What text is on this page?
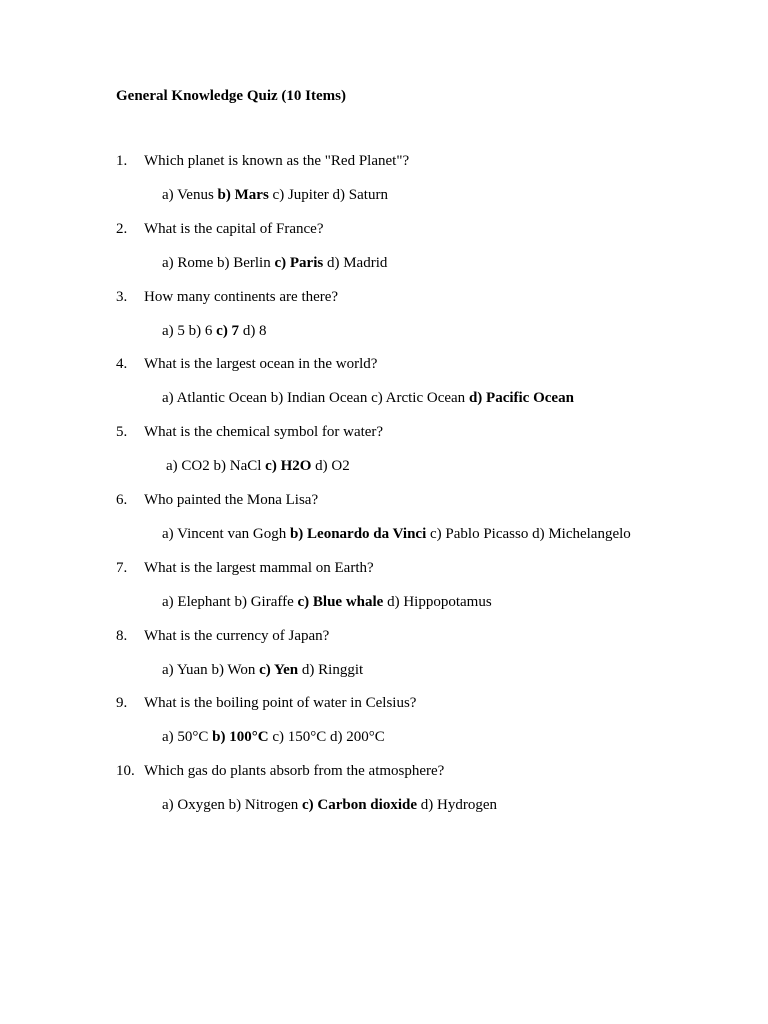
General Knowledge Quiz (10 Items)
1. Which planet is known as the "Red Planet"?
a) Venus b) Mars c) Jupiter d) Saturn
2. What is the capital of France?
a) Rome b) Berlin c) Paris d) Madrid
3. How many continents are there?
a) 5 b) 6 c) 7 d) 8
4. What is the largest ocean in the world?
a) Atlantic Ocean b) Indian Ocean c) Arctic Ocean d) Pacific Ocean
5. What is the chemical symbol for water?
a) CO2 b) NaCl c) H2O d) O2
6. Who painted the Mona Lisa?
a) Vincent van Gogh b) Leonardo da Vinci c) Pablo Picasso d) Michelangelo
7. What is the largest mammal on Earth?
a) Elephant b) Giraffe c) Blue whale d) Hippopotamus
8. What is the currency of Japan?
a) Yuan b) Won c) Yen d) Ringgit
9. What is the boiling point of water in Celsius?
a) 50°C b) 100°C c) 150°C d) 200°C
10. Which gas do plants absorb from the atmosphere?
a) Oxygen b) Nitrogen c) Carbon dioxide d) Hydrogen
